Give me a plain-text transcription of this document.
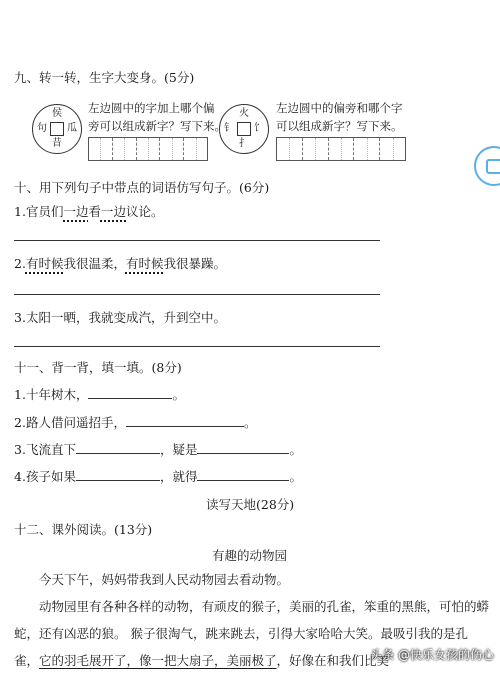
九、转一转，生字大变身。(5分)
侯
句 瓜
昔
左边圆中的字加上哪个偏
旁可以组成新字？写下来。
火
钅 饣
扌
左边圆中的偏旁和哪个字
可以组成新字？写下来。
十、用下列句子中带点的词语仿写句子。(6分)
1.官员们一边看一边议论。
2.有时候我很温柔，有时候我很暴躁。
3.太阳一晒，我就变成汽，升到空中。
十一、背一背，填一填。(8分)
1.十年树木，	。
2.路人借问遥招手，	。
3.飞流直下	，疑是	。
4.孩子如果	，就得	。
读写天地(28分)
十二、课外阅读。(13分)
有趣的动物园
今天下午，妈妈带我到人民动物园去看动物。
动物园里有各种各样的动物，有顽皮的猴子，美丽的孔雀，笨重的黑熊，可怕的蟒蛇，还有凶恶的狼。 猴子很淘气，跳来跳去，引得大家哈哈大笑。最吸引我的是孔雀，它的羽毛展开了，像一把大扇子，美丽极了，好像在和我们比美
头条 @快乐女孩的伤心
